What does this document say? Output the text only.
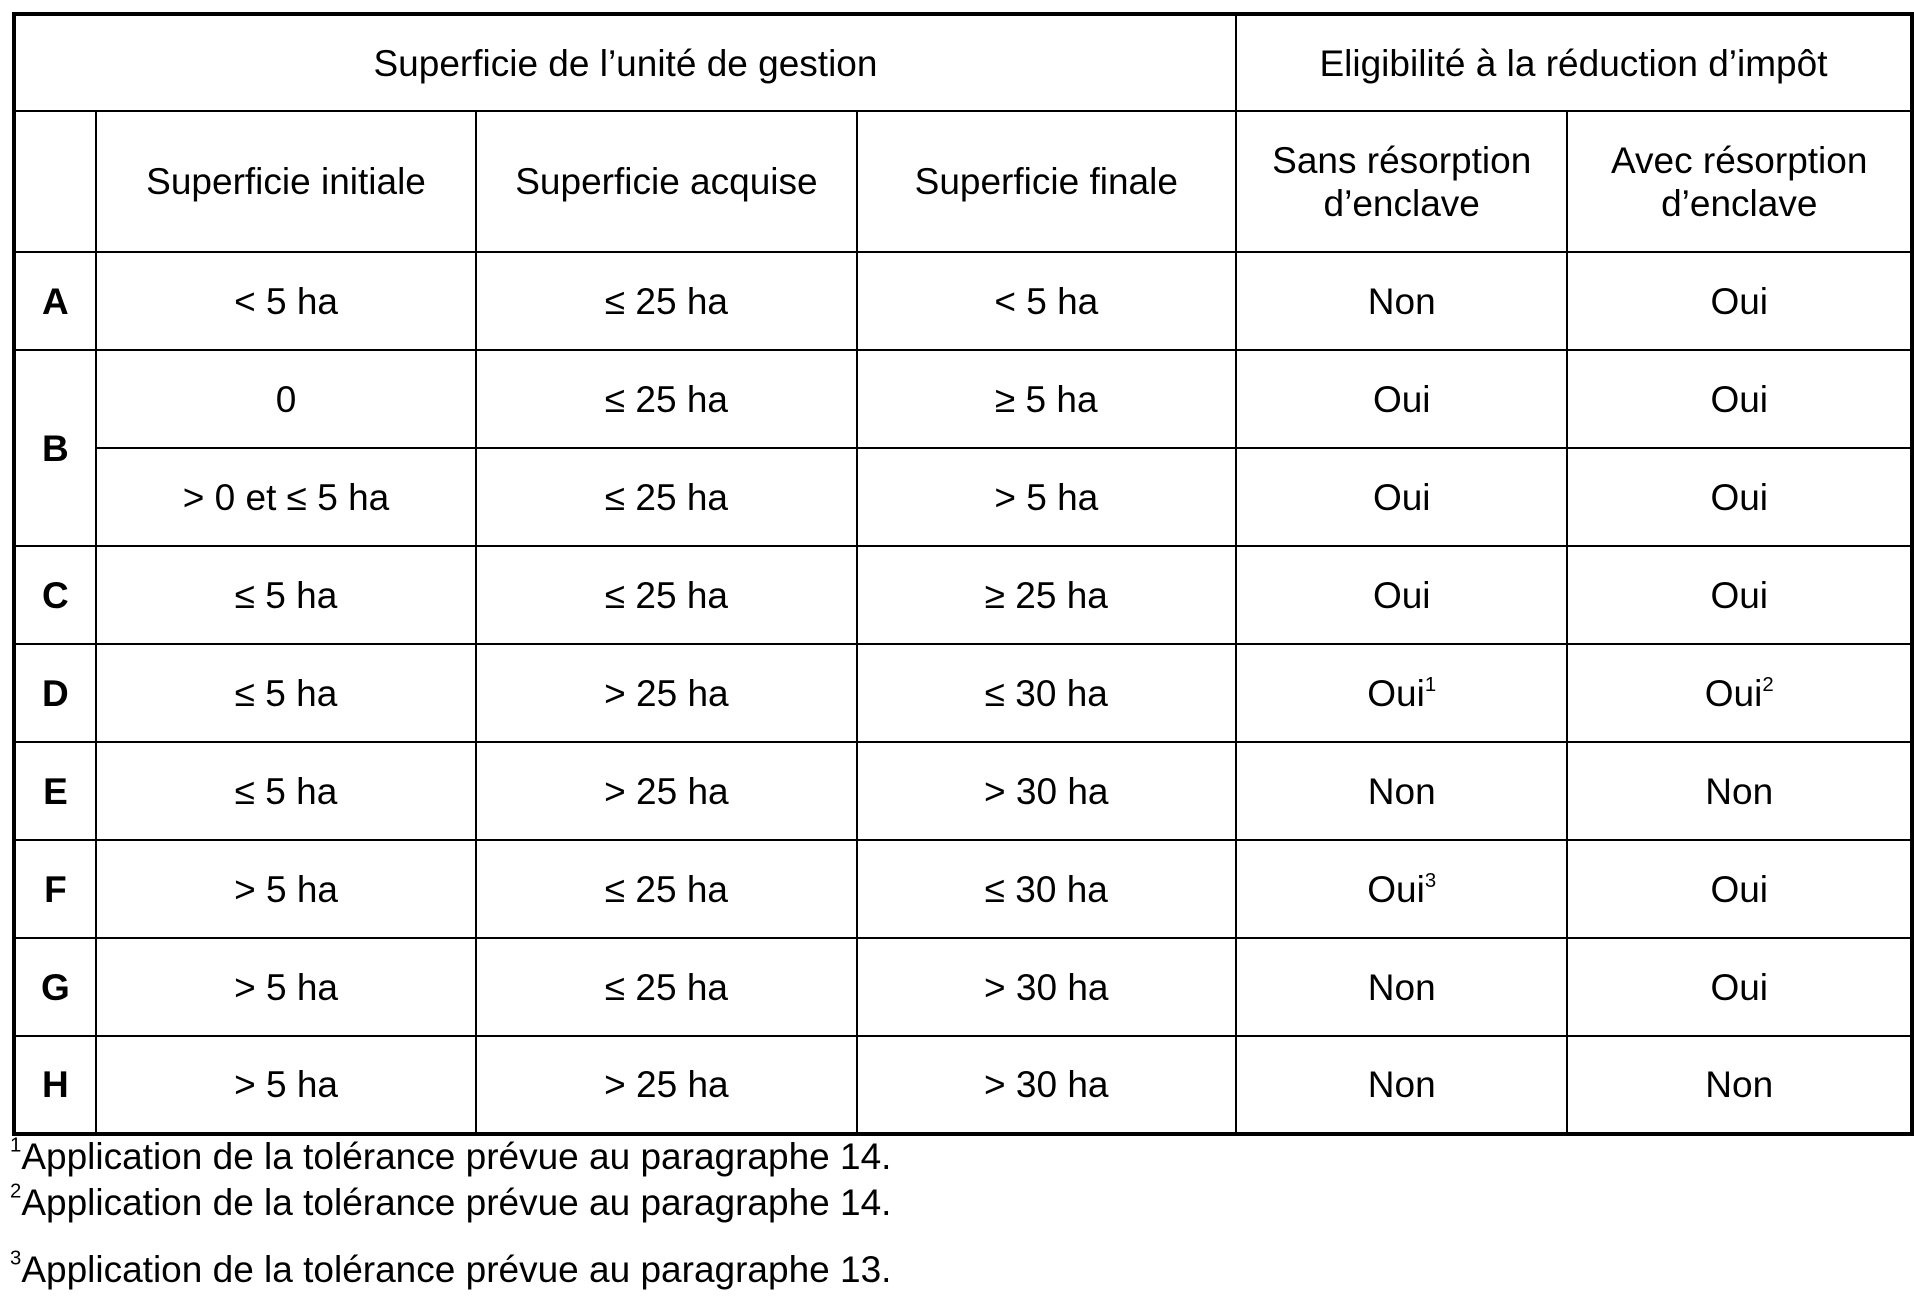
Superficie de l’unité de gestion				Eligibilité à la réduction d’impôt	
	Superficie initiale	Superficie acquise	Superficie finale	Sans résorption d’enclave	Avec résorption d’enclave
A	< 5 ha	≤ 25 ha	< 5 ha	Non	Oui
B	0	≤ 25 ha	≥ 5 ha	Oui	Oui
	> 0 et ≤ 5 ha	≤ 25 ha	> 5 ha	Oui	Oui
C	≤ 5 ha	≤ 25 ha	≥ 25 ha	Oui	Oui
D	≤ 5 ha	> 25 ha	≤ 30 ha	Oui$^1$	Oui$^2$
E	≤ 5 ha	> 25 ha	> 30 ha	Non	Non
F	> 5 ha	≤ 25 ha	≤ 30 ha	Oui$^3$	Oui
G	> 5 ha	≤ 25 ha	> 30 ha	Non	Oui
H	> 5 ha	> 25 ha	> 30 ha	Non	Non
$^1$Application de la tolérance prévue au paragraphe 14.
$^2$Application de la tolérance prévue au paragraphe 14.
$^3$Application de la tolérance prévue au paragraphe 13.
